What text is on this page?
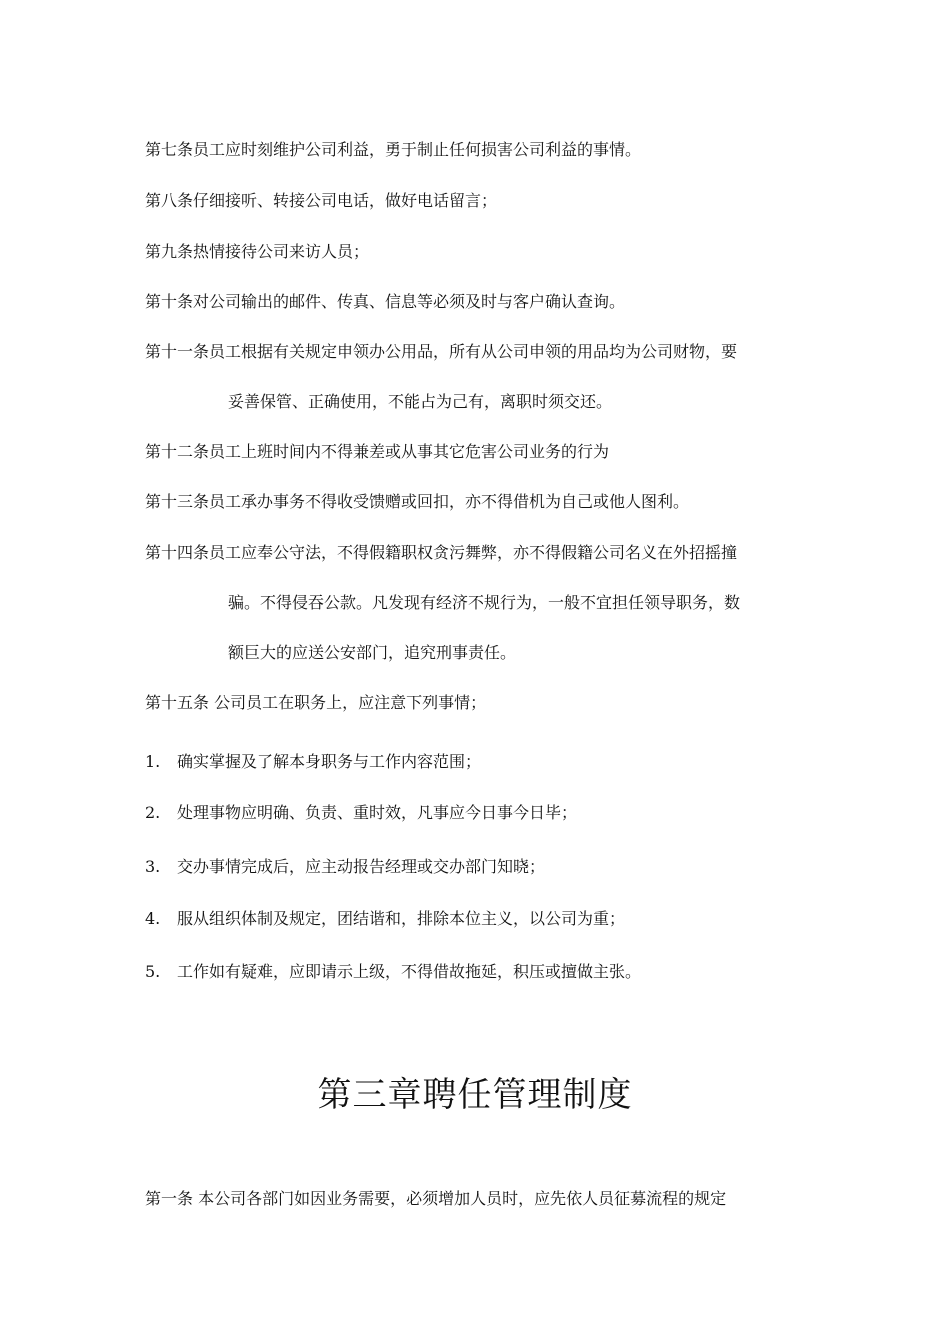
第七条员工应时刻维护公司利益，勇于制止任何损害公司利益的事情。
第八条仔细接听、转接公司电话，做好电话留言；
第九条热情接待公司来访人员；
第十条对公司输出的邮件、传真、信息等必须及时与客户确认查询。
第十一条员工根据有关规定申领办公用品，所有从公司申领的用品均为公司财物，要
妥善保管、正确使用，不能占为己有，离职时须交还。
第十二条员工上班时间内不得兼差或从事其它危害公司业务的行为
第十三条员工承办事务不得收受馈赠或回扣，亦不得借机为自己或他人图利。
第十四条员工应奉公守法，不得假籍职权贪污舞弊，亦不得假籍公司名义在外招摇撞
骗。不得侵吞公款。凡发现有经济不规行为，一般不宜担任领导职务，数
额巨大的应送公安部门，追究刑事责任。
第十五条 公司员工在职务上，应注意下列事情；
1. 确实掌握及了解本身职务与工作内容范围；
2. 处理事物应明确、负责、重时效，凡事应今日事今日毕；
3. 交办事情完成后，应主动报告经理或交办部门知晓；
4. 服从组织体制及规定，团结谐和，排除本位主义，以公司为重；
5. 工作如有疑难，应即请示上级，不得借故拖延，积压或擅做主张。
第三章聘任管理制度
第一条 本公司各部门如因业务需要，必须增加人员时，应先依人员征募流程的规定
